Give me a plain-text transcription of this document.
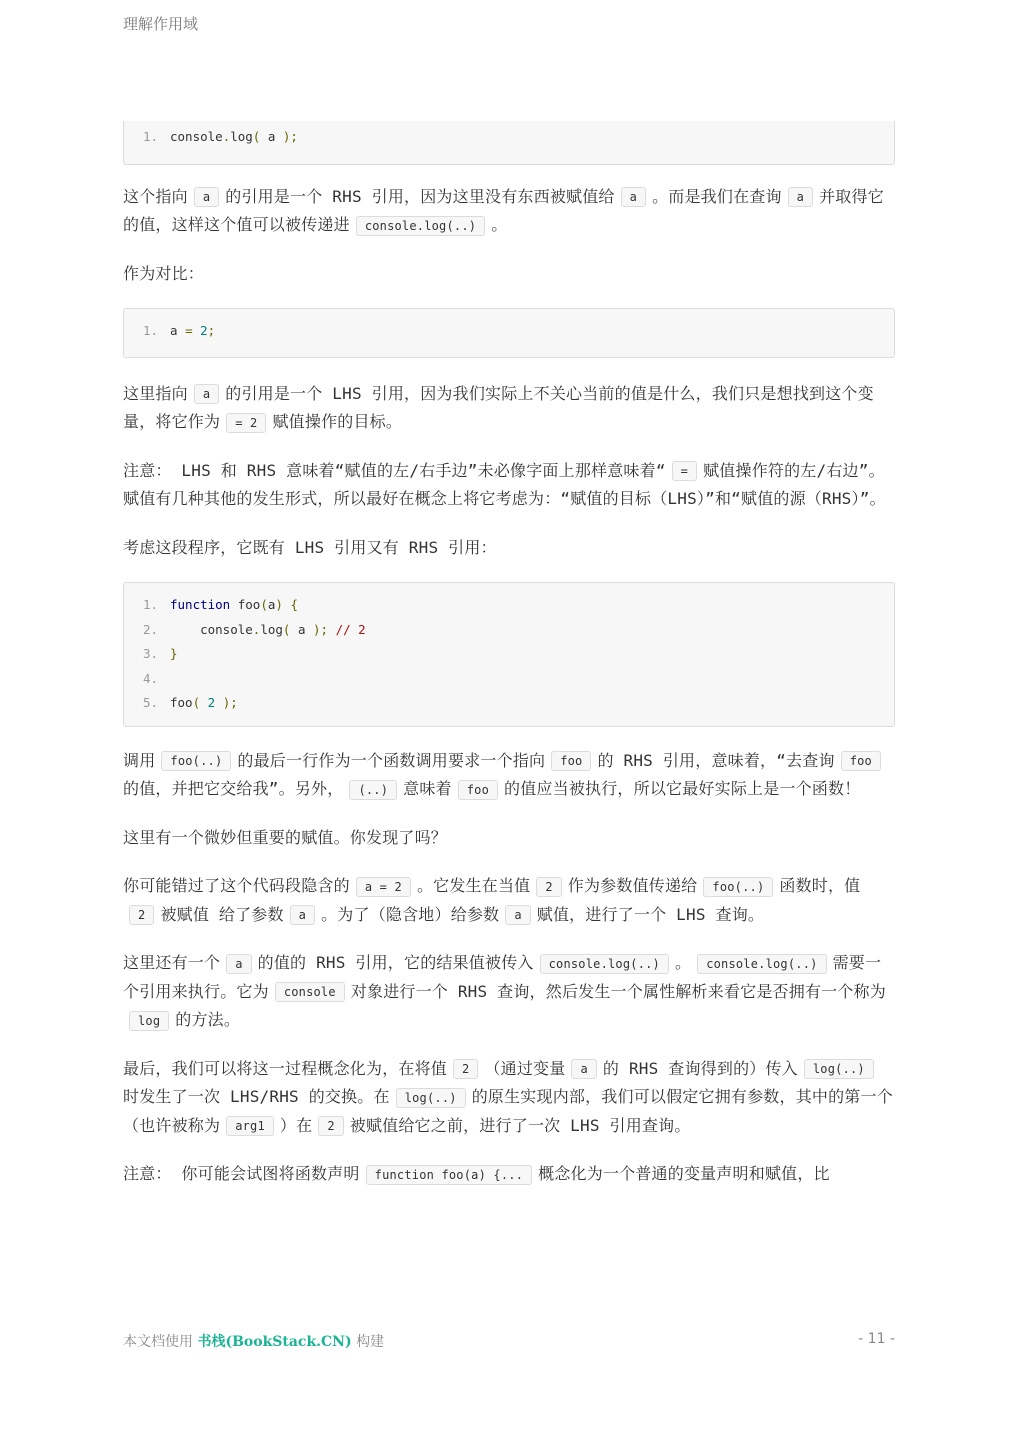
理解作用域
1. console.log( a );

这个指向 a 的引用是一个 RHS 引用，因为这里没有东西被赋值给 a 。而是我们在查询 a 并取得它的值，这样这个值可以被传递进 console.log(..) 。

作为对比：

1. a = 2;

这里指向 a 的引用是一个 LHS 引用，因为我们实际上不关心当前的值是什么，我们只是想找到这个变量，将它作为 = 2 赋值操作的目标。

注意： LHS 和 RHS 意味着“赋值的左/右手边”未必像字面上那样意味着“ = 赋值操作符的左/右边”。赋值有几种其他的发生形式，所以最好在概念上将它考虑为：“赋值的目标（LHS）”和“赋值的源（RHS）”。

考虑这段程序，它既有 LHS 引用又有 RHS 引用：

1. function foo(a) {
2.    console.log( a ); // 2
3. }
4.
5. foo( 2 );

调用 foo(..) 的最后一行作为一个函数调用要求一个指向 foo 的 RHS 引用，意味着，“去查询 foo的值，并把它交给我”。另外， (..) 意味着 foo 的值应当被执行，所以它最好实际上是一个函数！

这里有一个微妙但重要的赋值。你发现了吗？

你可能错过了这个代码段隐含的 a = 2 。它发生在当值 2 作为参数值传递给 foo(..) 函数时，值2 被赋值 给了参数 a 。为了（隐含地）给参数 a 赋值，进行了一个 LHS 查询。

这里还有一个 a 的值的 RHS 引用，它的结果值被传入 console.log(..) 。 console.log(..) 需要一个引用来执行。它为 console 对象进行一个 RHS 查询，然后发生一个属性解析来看它是否拥有一个称为log 的方法。

最后，我们可以将这一过程概念化为，在将值 2 （通过变量 a 的 RHS 查询得到的）传入 log(..)时发生了一次 LHS/RHS 的交换。在 log(..) 的原生实现内部，我们可以假定它拥有参数，其中的第一个（也许被称为 arg1 ）在 2 被赋值给它之前，进行了一次 LHS 引用查询。

注意： 你可能会试图将函数声明 function foo(a) {... 概念化为一个普通的变量声明和赋值，比

本文档使用 书栈(BookStack.CN) 构建	- 11 -
